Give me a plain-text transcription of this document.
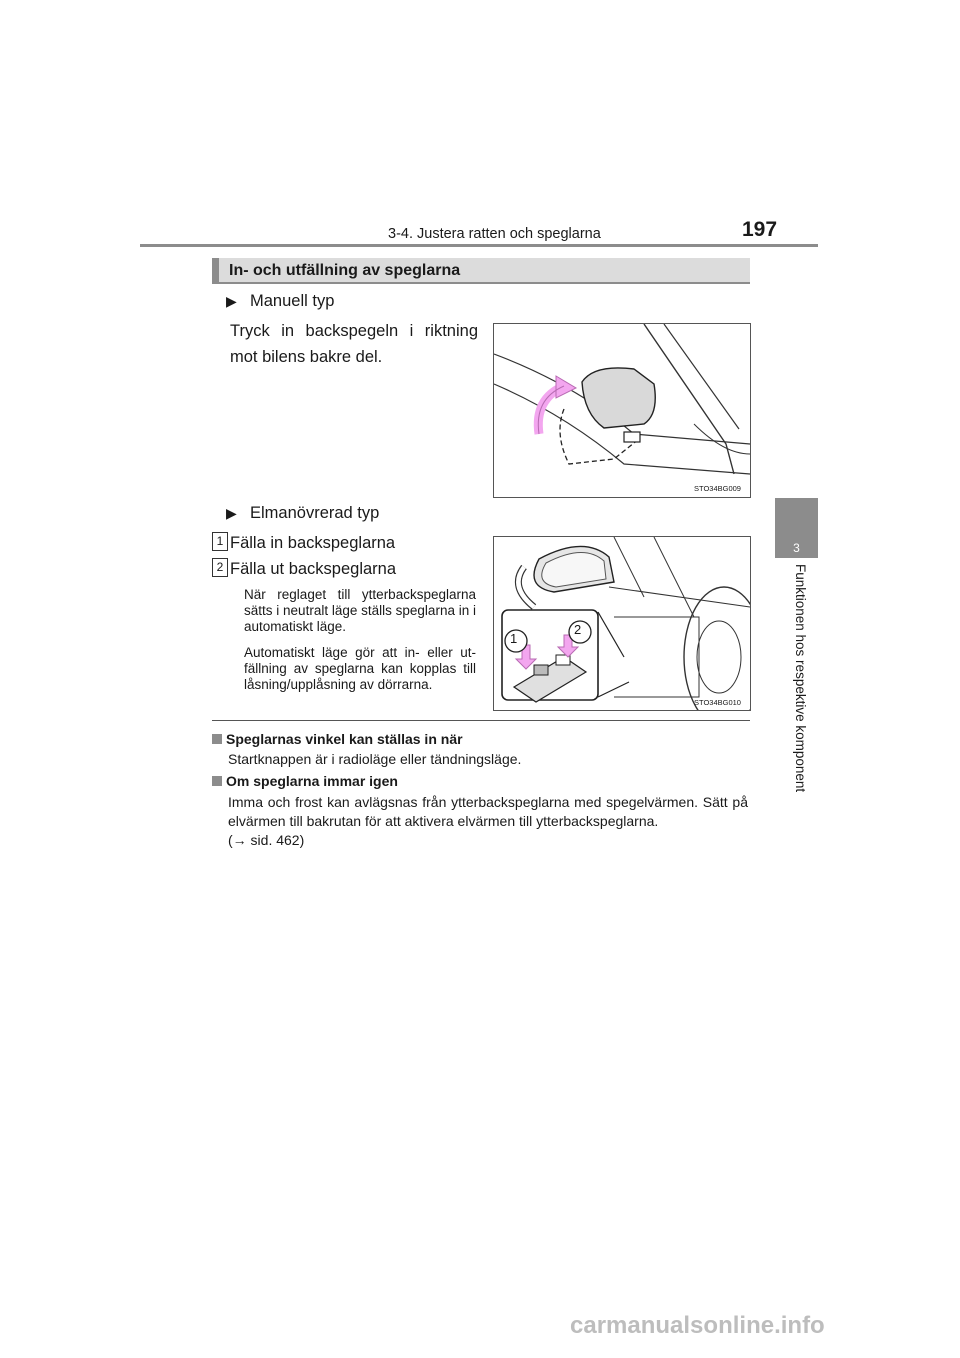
3-4. Justera ratten och speglarna	197
3
Funktionen hos respektive komponent
In- och utfällning av speglarna
▶ Manuell typ
Tryck in backspegeln i riktning mot bilens bakre del.
STO34BG009
▶ Elmanövrerad typ
1 Fälla in backspeglarna
2 Fälla ut backspeglarna
När reglaget till ytterbackspeglarna sätts i neutralt läge ställs speglarna in i automatiskt läge.
Automatiskt läge gör att in- eller ut-fällning av speglarna kan kopplas till låsning/upplåsning av dörrarna.
1
2
STO34BG010
Speglarnas vinkel kan ställas in när
Startknappen är i radioläge eller tändningsläge.
Om speglarna immar igen
Imma och frost kan avlägsnas från ytterbackspeglarna med spegelvärmen. Sätt på elvärmen till bakrutan för att aktivera elvärmen till ytterbackspeglarna.
(→ sid. 462)
carmanualsonline.info
